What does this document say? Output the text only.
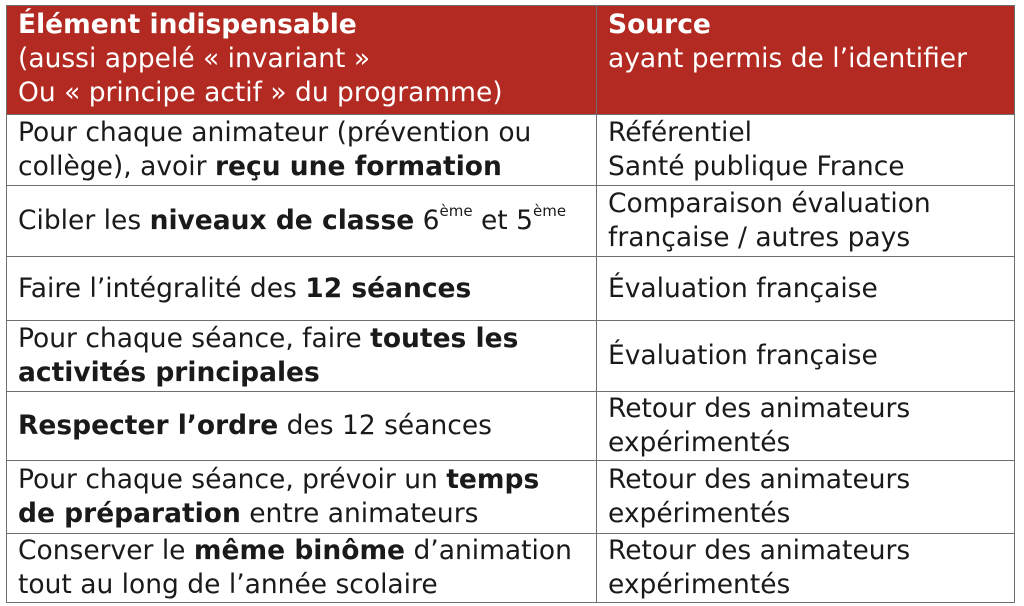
Élément indispensable
(aussi appelé « invariant »
Ou « principe actif » du programme)	Source
ayant permis de l’identifier
Pour chaque animateur (prévention ou
collège), avoir reçu une formation	Référentiel
Santé publique France
Cibler les niveaux de classe 6ème et 5ème	Comparaison évaluation
française / autres pays
Faire l’intégralité des 12 séances	Évaluation française
Pour chaque séance, faire toutes les
activités principales	Évaluation française
Respecter l’ordre des 12 séances	Retour des animateurs
expérimentés
Pour chaque séance, prévoir un temps
de préparation entre animateurs	Retour des animateurs
expérimentés
Conserver le même binôme d’animation
tout au long de l’année scolaire	Retour des animateurs
expérimentés
